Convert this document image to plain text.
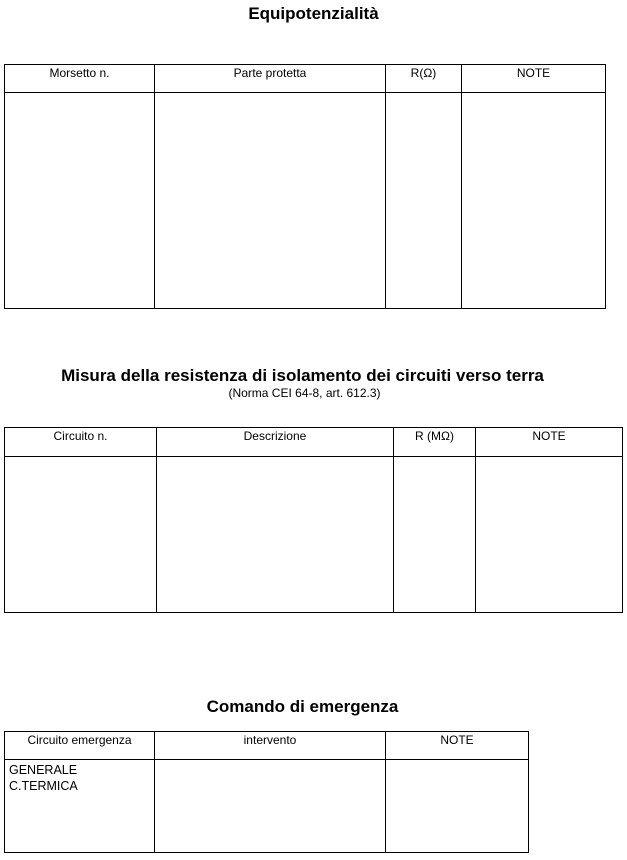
Equipotenzialità
Morsetto n.	Parte protetta	R(Ω)	NOTE

Misura della resistenza di isolamento dei circuiti verso terra
(Norma CEI 64-8, art. 612.3)
Circuito n.	Descrizione	R (MΩ)	NOTE

Comando di emergenza
Circuito emergenza	intervento	NOTE

GENERALE
C.TERMICA		
